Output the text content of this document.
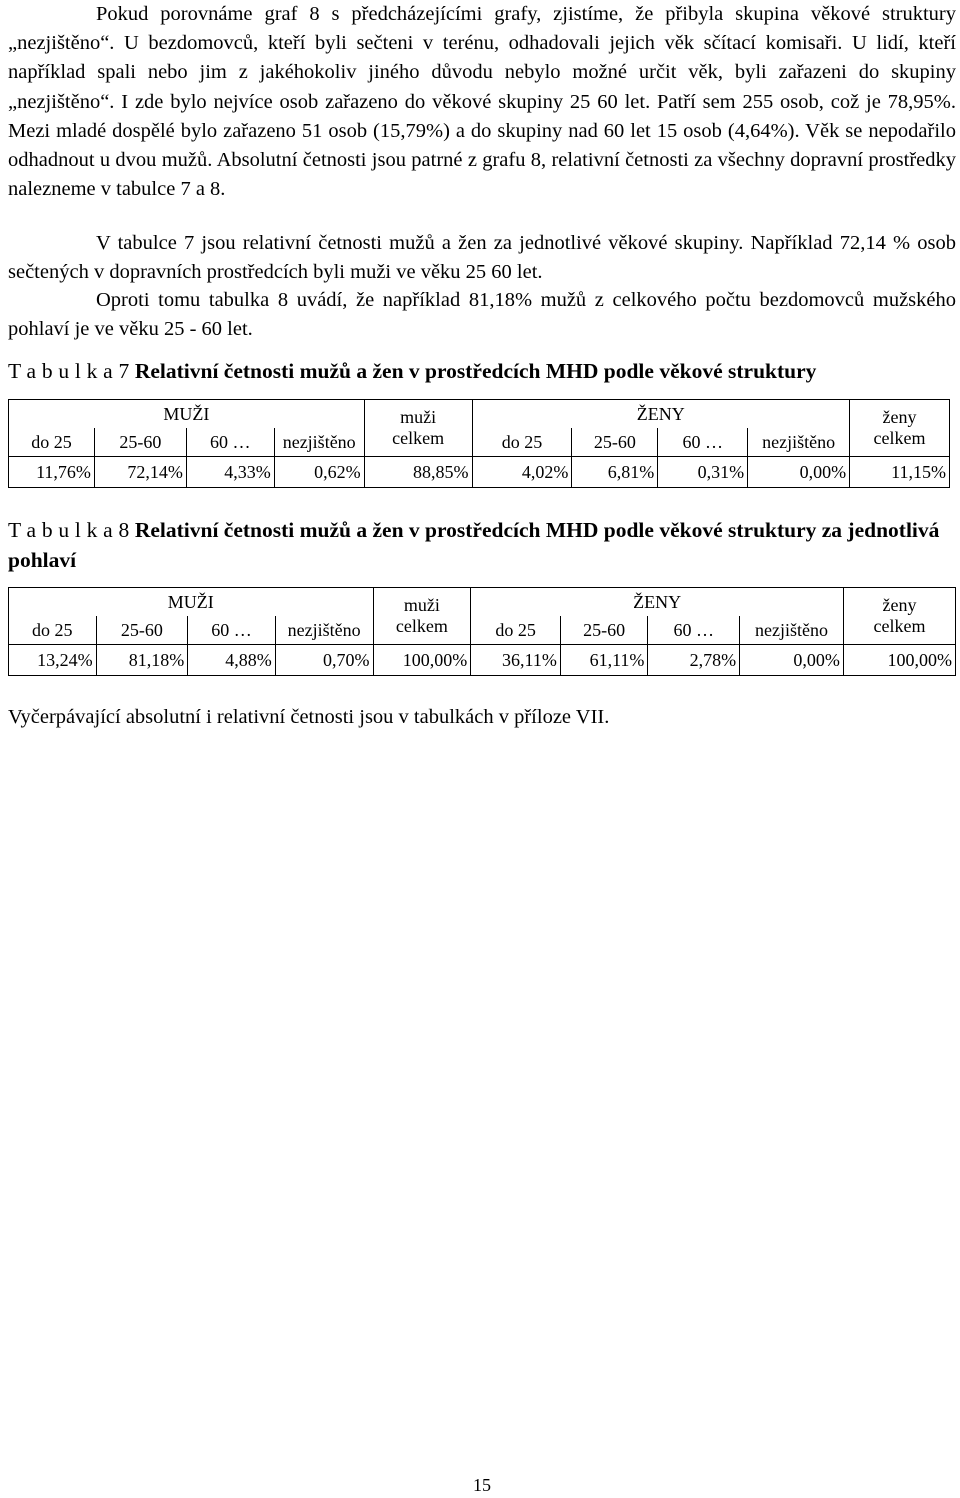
Pokud porovnáme graf 8 s předcházejícími grafy, zjistíme, že přibyla skupina věkové struktury „nezjištěno“. U bezdomovců, kteří byli sečteni v terénu, odhadovali jejich věk sčítací komisaři. U lidí, kteří například spali nebo jim z jakéhokoliv jiného důvodu nebylo možné určit věk, byli zařazeni do skupiny „nezjištěno“. I zde bylo nejvíce osob zařazeno do věkové skupiny 25 60 let. Patří sem 255 osob, což je 78,95%. Mezi mladé dospělé bylo zařazeno 51 osob (15,79%) a do skupiny nad 60 let 15 osob (4,64%). Věk se nepodařilo odhadnout u dvou mužů. Absolutní četnosti jsou patrné z grafu 8, relativní četnosti za všechny dopravní prostředky nalezneme v tabulce 7 a 8.

V tabulce 7 jsou relativní četnosti mužů a žen za jednotlivé věkové skupiny. Například 72,14 % osob sečtených v dopravních prostředcích byli muži ve věku 25 60 let.

Oproti tomu tabulka 8 uvádí, že například 81,18% mužů z celkového počtu bezdomovců mužského pohlaví je ve věku 25 - 60 let.

T a b u l k a 7 Relativní četnosti mužů a žen v prostředcích MHD podle věkové struktury

MUŽI				muži	ŽENY				ženy
do 25	25-60	60 …	nezjištěno	celkem	do 25	25-60	60 …	nezjištěno	celkem
11,76%	72,14%	4,33%	0,62%	88,85%	4,02%	6,81%	0,31%	0,00%	11,15%

T a b u l k a 8 Relativní četnosti mužů a žen v prostředcích MHD podle věkové struktury za jednotlivá pohlaví

MUŽI				muži	ŽENY				ženy
do 25	25-60	60 …	nezjištěno	celkem	do 25	25-60	60 …	nezjištěno	celkem
13,24%	81,18%	4,88%	0,70%	100,00%	36,11%	61,11%	2,78%	0,00%	100,00%

Vyčerpávající absolutní i relativní četnosti jsou v tabulkách v příloze VII.

15
